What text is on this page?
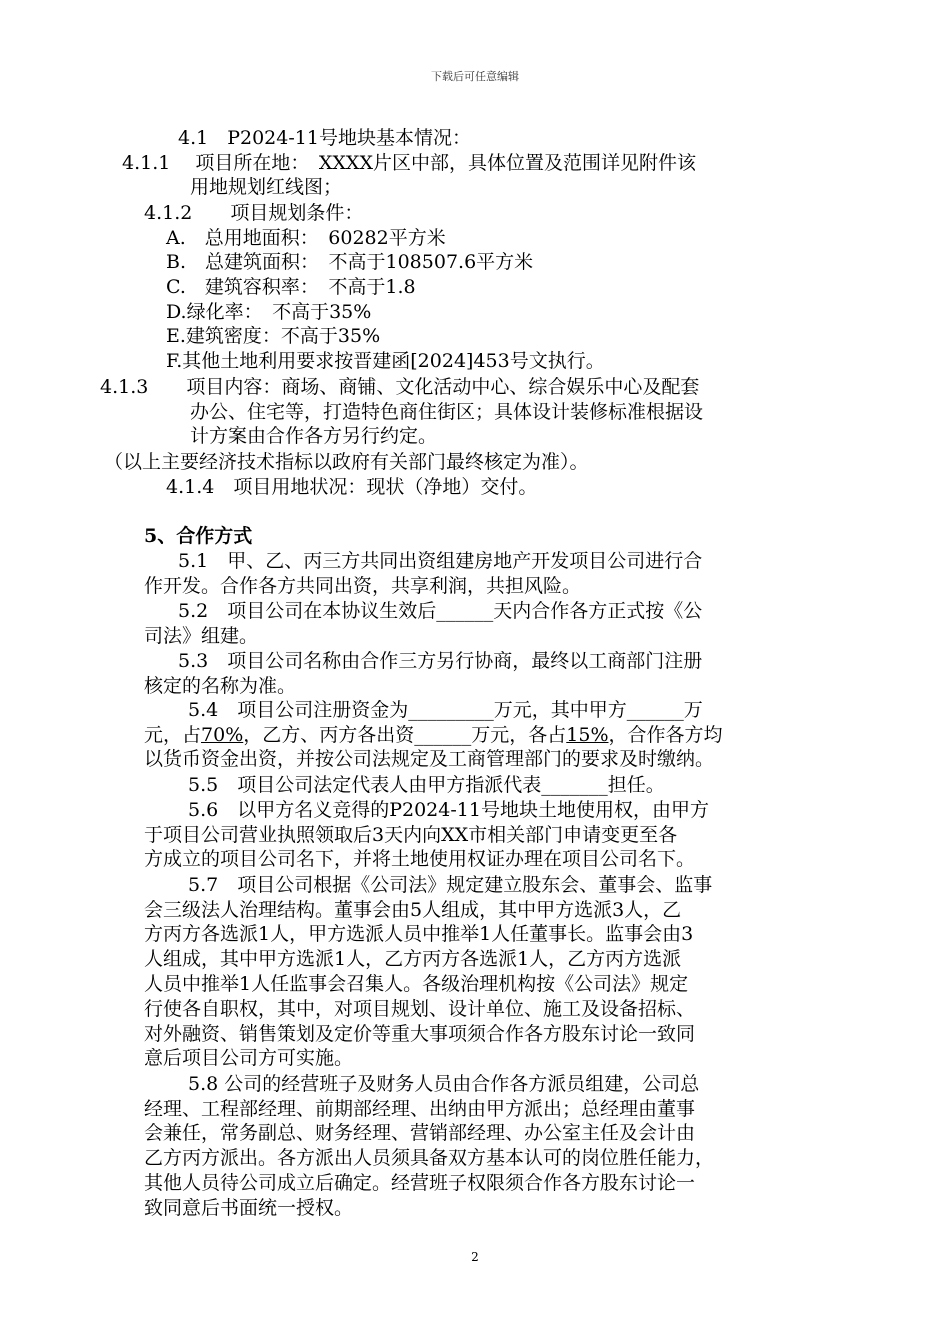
下载后可任意编辑
4.1　P2024-11号地块基本情况：
4.1.1　 项目所在地：　XXXX片区中部，具体位置及范围详见附件该
用地规划红线图；
4.1.2　　项目规划条件：
A.　总用地面积：　60282平方米
B.　总建筑面积：　不高于108507.6平方米
C.　建筑容积率：　不高于1.8
D.绿化率：　不高于35%
E.建筑密度：不高于35%
F.其他土地利用要求按晋建函[2024]453号文执行。
4.1.3　　项目内容：商场、商铺、文化活动中心、综合娱乐中心及配套
办公、住宅等，打造特色商住街区；具体设计装修标准根据设
计方案由合作各方另行约定。
（以上主要经济技术指标以政府有关部门最终核定为准）。
4.1.4　项目用地状况：现状（净地）交付。
5、合作方式
5.1　甲、乙、丙三方共同出资组建房地产开发项目公司进行合
作开发。合作各方共同出资，共享利润，共担风险。
5.2　项目公司在本协议生效后______天内合作各方正式按《公
司法》组建。
5.3　项目公司名称由合作三方另行协商，最终以工商部门注册
核定的名称为准。
5.4　项目公司注册资金为_________万元，其中甲方______万
元，占70%，乙方、丙方各出资______万元，各占15%，合作各方均
以货币资金出资，并按公司法规定及工商管理部门的要求及时缴纳。
5.5　项目公司法定代表人由甲方指派代表_______担任。
5.6　以甲方名义竞得的P2024-11号地块土地使用权，由甲方
于项目公司营业执照领取后3天内向XX市相关部门申请变更至各
方成立的项目公司名下，并将土地使用权证办理在项目公司名下。
5.7　项目公司根据《公司法》规定建立股东会、董事会、监事
会三级法人治理结构。董事会由5人组成，其中甲方选派3人，乙
方丙方各选派1人，甲方选派人员中推举1人任董事长。监事会由3
人组成，其中甲方选派1人，乙方丙方各选派1人，乙方丙方选派
人员中推举1人任监事会召集人。各级治理机构按《公司法》规定
行使各自职权，其中，对项目规划、设计单位、施工及设备招标、
对外融资、销售策划及定价等重大事项须合作各方股东讨论一致同
意后项目公司方可实施。
5.8 公司的经营班子及财务人员由合作各方派员组建，公司总
经理、工程部经理、前期部经理、出纳由甲方派出；总经理由董事
会兼任，常务副总、财务经理、营销部经理、办公室主任及会计由
乙方丙方派出。各方派出人员须具备双方基本认可的岗位胜任能力，
其他人员待公司成立后确定。经营班子权限须合作各方股东讨论一
致同意后书面统一授权。
2
